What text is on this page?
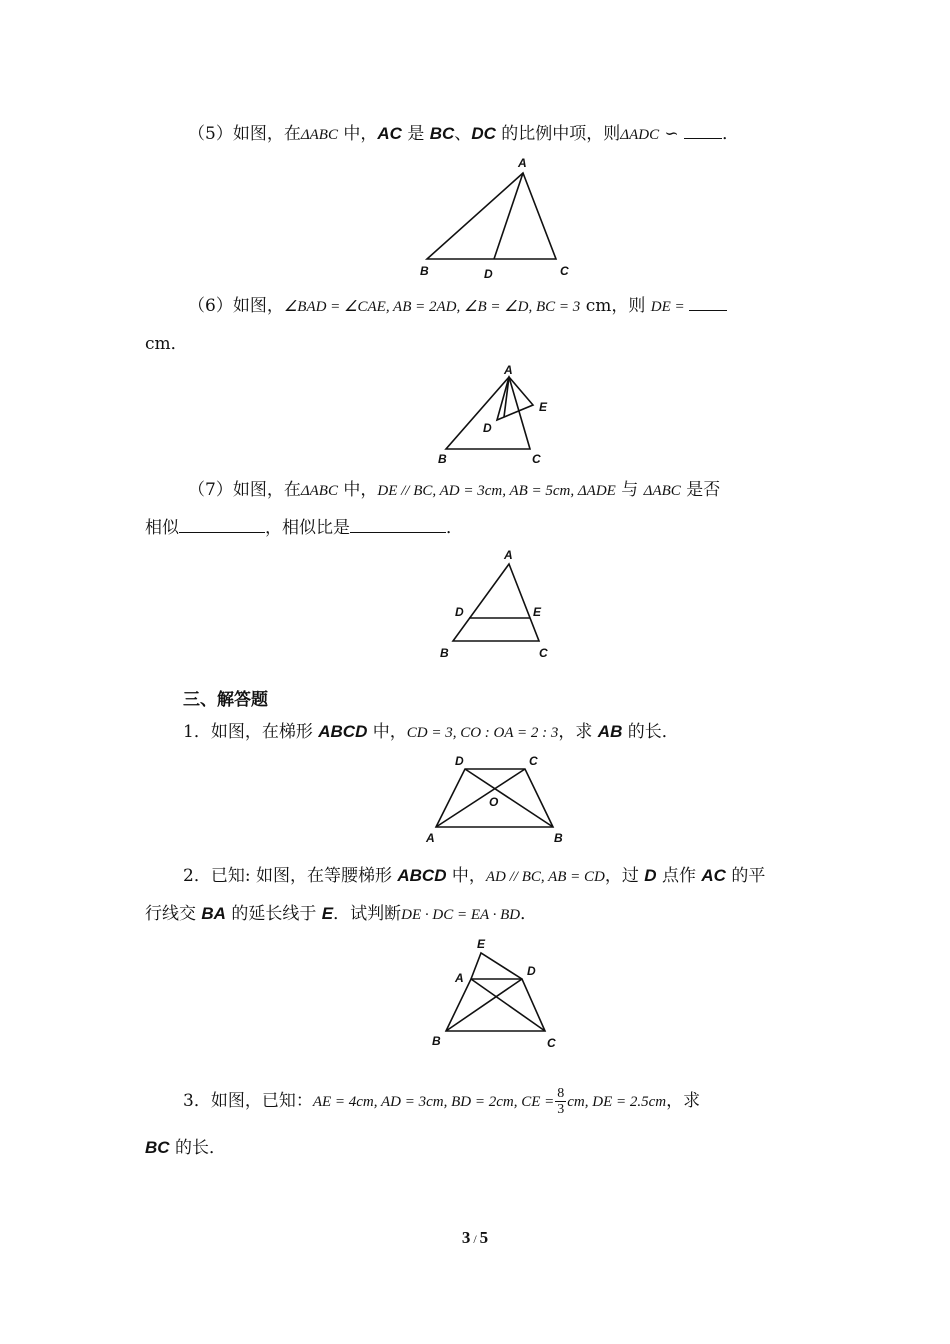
（5）如图，在ΔABC 中，AC 是 BC、DC 的比例中项，则ΔADC ∽ ．
A
B	D	C
（6）如图，∠BAD = ∠CAE, AB = 2AD, ∠B = ∠D, BC = 3 cm，则 DE =
cm．
A
E
D
B	C
（7）如图，在ΔABC 中，DE // BC, AD = 3cm, AB = 5cm, ΔADE 与 ΔABC 是否
相似	，相似比是	．
A
D	E
B	C
三、解答题
1．如图，在梯形 ABCD 中，CD = 3, CO : OA = 2 : 3，求 AB 的长．
D	C
O
A	B
2．已知: 如图，在等腰梯形 ABCD 中，AD // BC, AB = CD，过 D 点作 AC 的平
行线交 BA 的延长线于 E．试判断DE · DC = EA · BD．
E
A	D
B	C
3．如图，已知：AE = 4cm, AD = 3cm, BD = 2cm, CE = $\frac{8}{3}$ cm, DE = 2.5cm，求
BC 的长．
3 / 5
